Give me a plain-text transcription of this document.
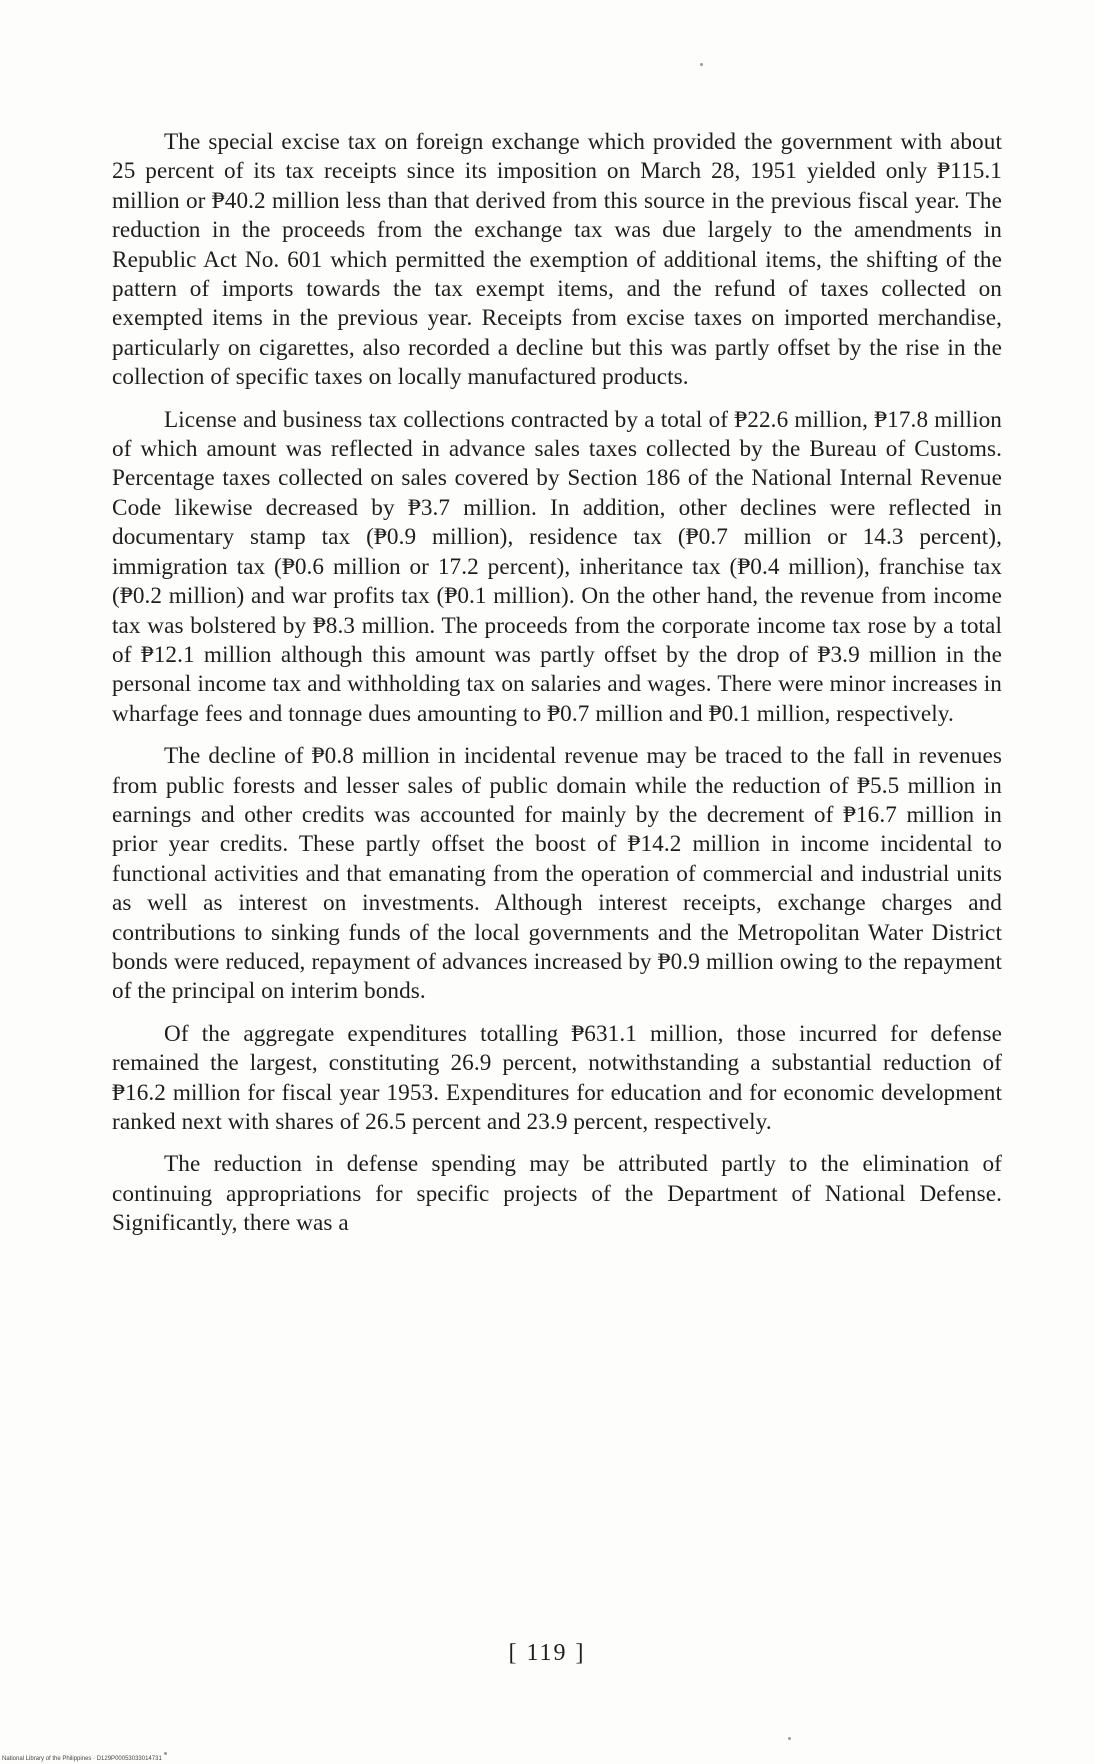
The special excise tax on foreign exchange which provided the government with about 25 percent of its tax receipts since its imposition on March 28, 1951 yielded only ₱115.1 million or ₱40.2 million less than that derived from this source in the previous fiscal year. The reduction in the proceeds from the exchange tax was due largely to the amendments in Republic Act No. 601 which permitted the exemption of additional items, the shifting of the pattern of imports towards the tax exempt items, and the refund of taxes collected on exempted items in the previous year. Receipts from excise taxes on imported merchandise, particularly on cigarettes, also recorded a decline but this was partly offset by the rise in the collection of specific taxes on locally manufactured products.

License and business tax collections contracted by a total of ₱22.6 million, ₱17.8 million of which amount was reflected in advance sales taxes collected by the Bureau of Customs. Percentage taxes collected on sales covered by Section 186 of the National Internal Revenue Code likewise decreased by ₱3.7 million. In addition, other declines were reflected in documentary stamp tax (₱0.9 million), residence tax (₱0.7 million or 14.3 percent), immigration tax (₱0.6 million or 17.2 percent), inheritance tax (₱0.4 million), franchise tax (₱0.2 million) and war profits tax (₱0.1 million). On the other hand, the revenue from income tax was bolstered by ₱8.3 million. The proceeds from the corporate income tax rose by a total of ₱12.1 million although this amount was partly offset by the drop of ₱3.9 million in the personal income tax and withholding tax on salaries and wages. There were minor increases in wharfage fees and tonnage dues amounting to ₱0.7 million and ₱0.1 million, respectively.

The decline of ₱0.8 million in incidental revenue may be traced to the fall in revenues from public forests and lesser sales of public domain while the reduction of ₱5.5 million in earnings and other credits was accounted for mainly by the decrement of ₱16.7 million in prior year credits. These partly offset the boost of ₱14.2 million in income incidental to functional activities and that emanating from the operation of commercial and industrial units as well as interest on investments. Although interest receipts, exchange charges and contributions to sinking funds of the local governments and the Metropolitan Water District bonds were reduced, repayment of advances increased by ₱0.9 million owing to the repayment of the principal on interim bonds.

Of the aggregate expenditures totalling ₱631.1 million, those incurred for defense remained the largest, constituting 26.9 percent, notwithstanding a substantial reduction of ₱16.2 million for fiscal year 1953. Expenditures for education and for economic development ranked next with shares of 26.5 percent and 23.9 percent, respectively.

The reduction in defense spending may be attributed partly to the elimination of continuing appropriations for specific projects of the Department of National Defense. Significantly, there was a

[ 119 ]
National Library of the Philippines · D129P00053033014731
